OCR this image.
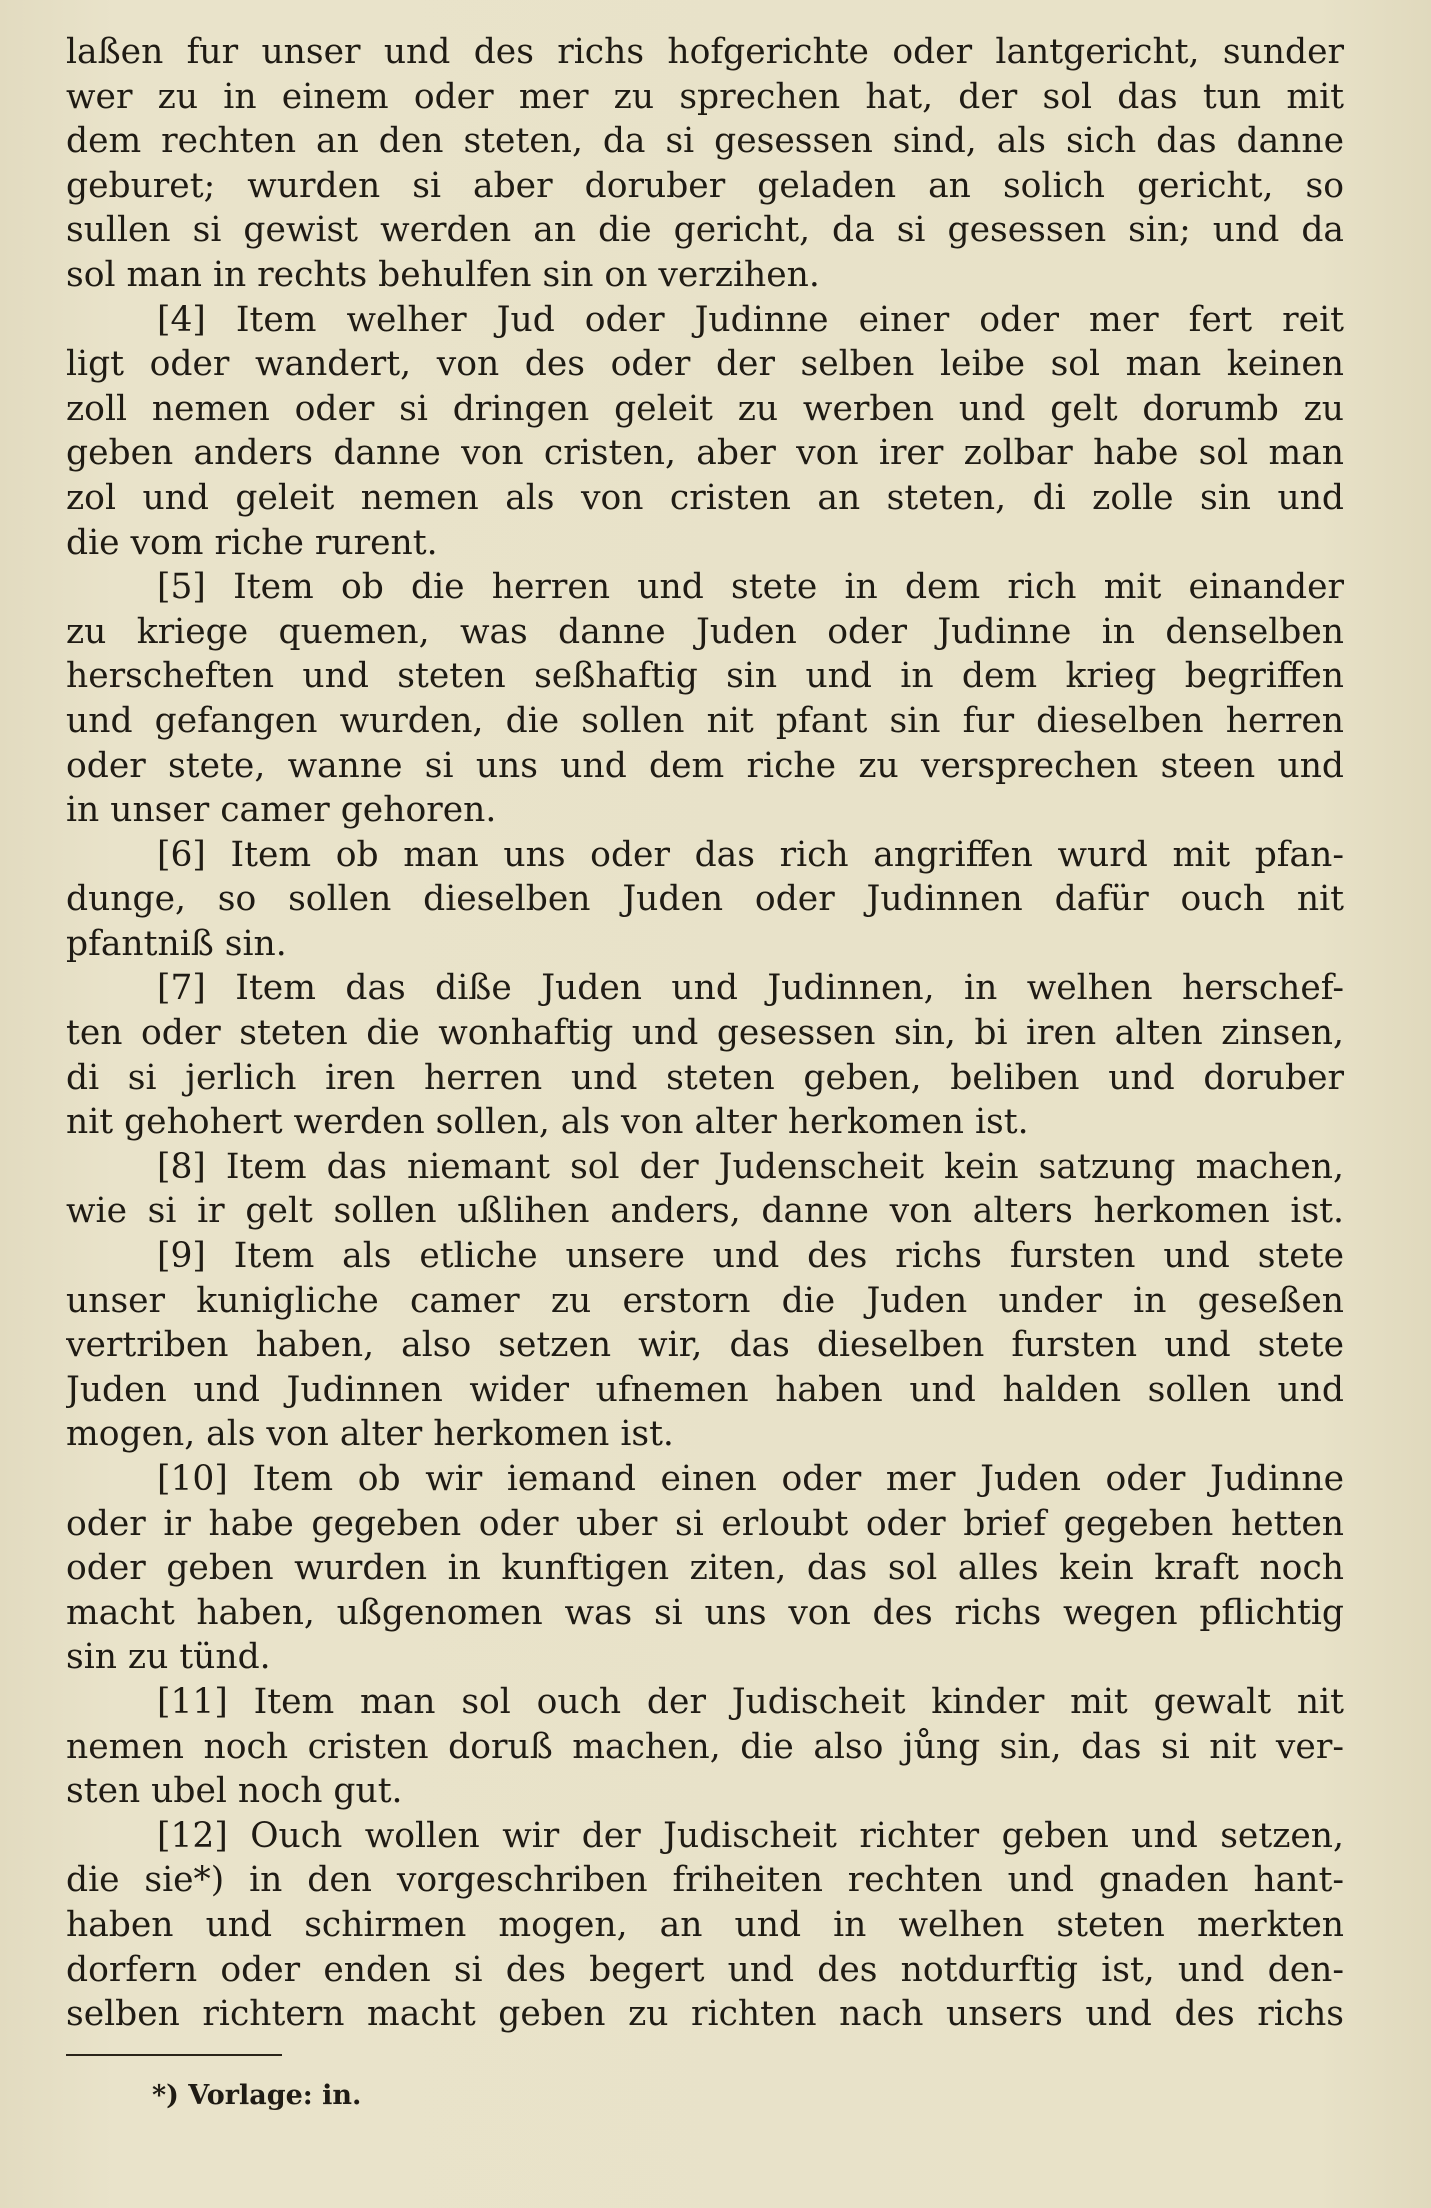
laßen fur unser und des richs hofgerichte oder lantgericht, sunder
wer zu in einem oder mer zu sprechen hat, der sol das tun mit
dem rechten an den steten, da si gesessen sind, als sich das danne
geburet; wurden si aber doruber geladen an solich gericht, so
sullen si gewist werden an die gericht, da si gesessen sin; und da
sol man in rechts behulfen sin on verzihen.
[4] Item welher Jud oder Judinne einer oder mer fert reit
ligt oder wandert, von des oder der selben leibe sol man keinen
zoll nemen oder si dringen geleit zu werben und gelt dorumb zu
geben anders danne von cristen, aber von irer zolbar habe sol man
zol und geleit nemen als von cristen an steten, di zolle sin und
die vom riche rurent.
[5] Item ob die herren und stete in dem rich mit einander
zu kriege quemen, was danne Juden oder Judinne in denselben
herscheften und steten seßhaftig sin und in dem krieg begriffen
und gefangen wurden, die sollen nit pfant sin fur dieselben herren
oder stete, wanne si uns und dem riche zu versprechen steen und
in unser camer gehoren.
[6] Item ob man uns oder das rich angriffen wurd mit pfan-
dunge, so sollen dieselben Juden oder Judinnen dafür ouch nit
pfantniß sin.
[7] Item das diße Juden und Judinnen, in welhen herschef-
ten oder steten die wonhaftig und gesessen sin, bi iren alten zinsen,
di si jerlich iren herren und steten geben, beliben und doruber
nit gehohert werden sollen, als von alter herkomen ist.
[8] Item das niemant sol der Judenscheit kein satzung machen,
wie si ir gelt sollen ußlihen anders, danne von alters herkomen ist.
[9] Item als etliche unsere und des richs fursten und stete
unser kunigliche camer zu erstorn die Juden under in geseßen
vertriben haben, also setzen wir, das dieselben fursten und stete
Juden und Judinnen wider ufnemen haben und halden sollen und
mogen, als von alter herkomen ist.
[10] Item ob wir iemand einen oder mer Juden oder Judinne
oder ir habe gegeben oder uber si erloubt oder brief gegeben hetten
oder geben wurden in kunftigen ziten, das sol alles kein kraft noch
macht haben, ußgenomen was si uns von des richs wegen pflichtig
sin zu tünd.
[11] Item man sol ouch der Judischeit kinder mit gewalt nit
nemen noch cristen doruß machen, die also jůng sin, das si nit ver-
sten ubel noch gut.
[12] Ouch wollen wir der Judischeit richter geben und setzen,
die sie*) in den vorgeschriben friheiten rechten und gnaden hant-
haben und schirmen mogen, an und in welhen steten merkten
dorfern oder enden si des begert und des notdurftig ist, und den-
selben richtern macht geben zu richten nach unsers und des richs
*) Vorlage: in.
